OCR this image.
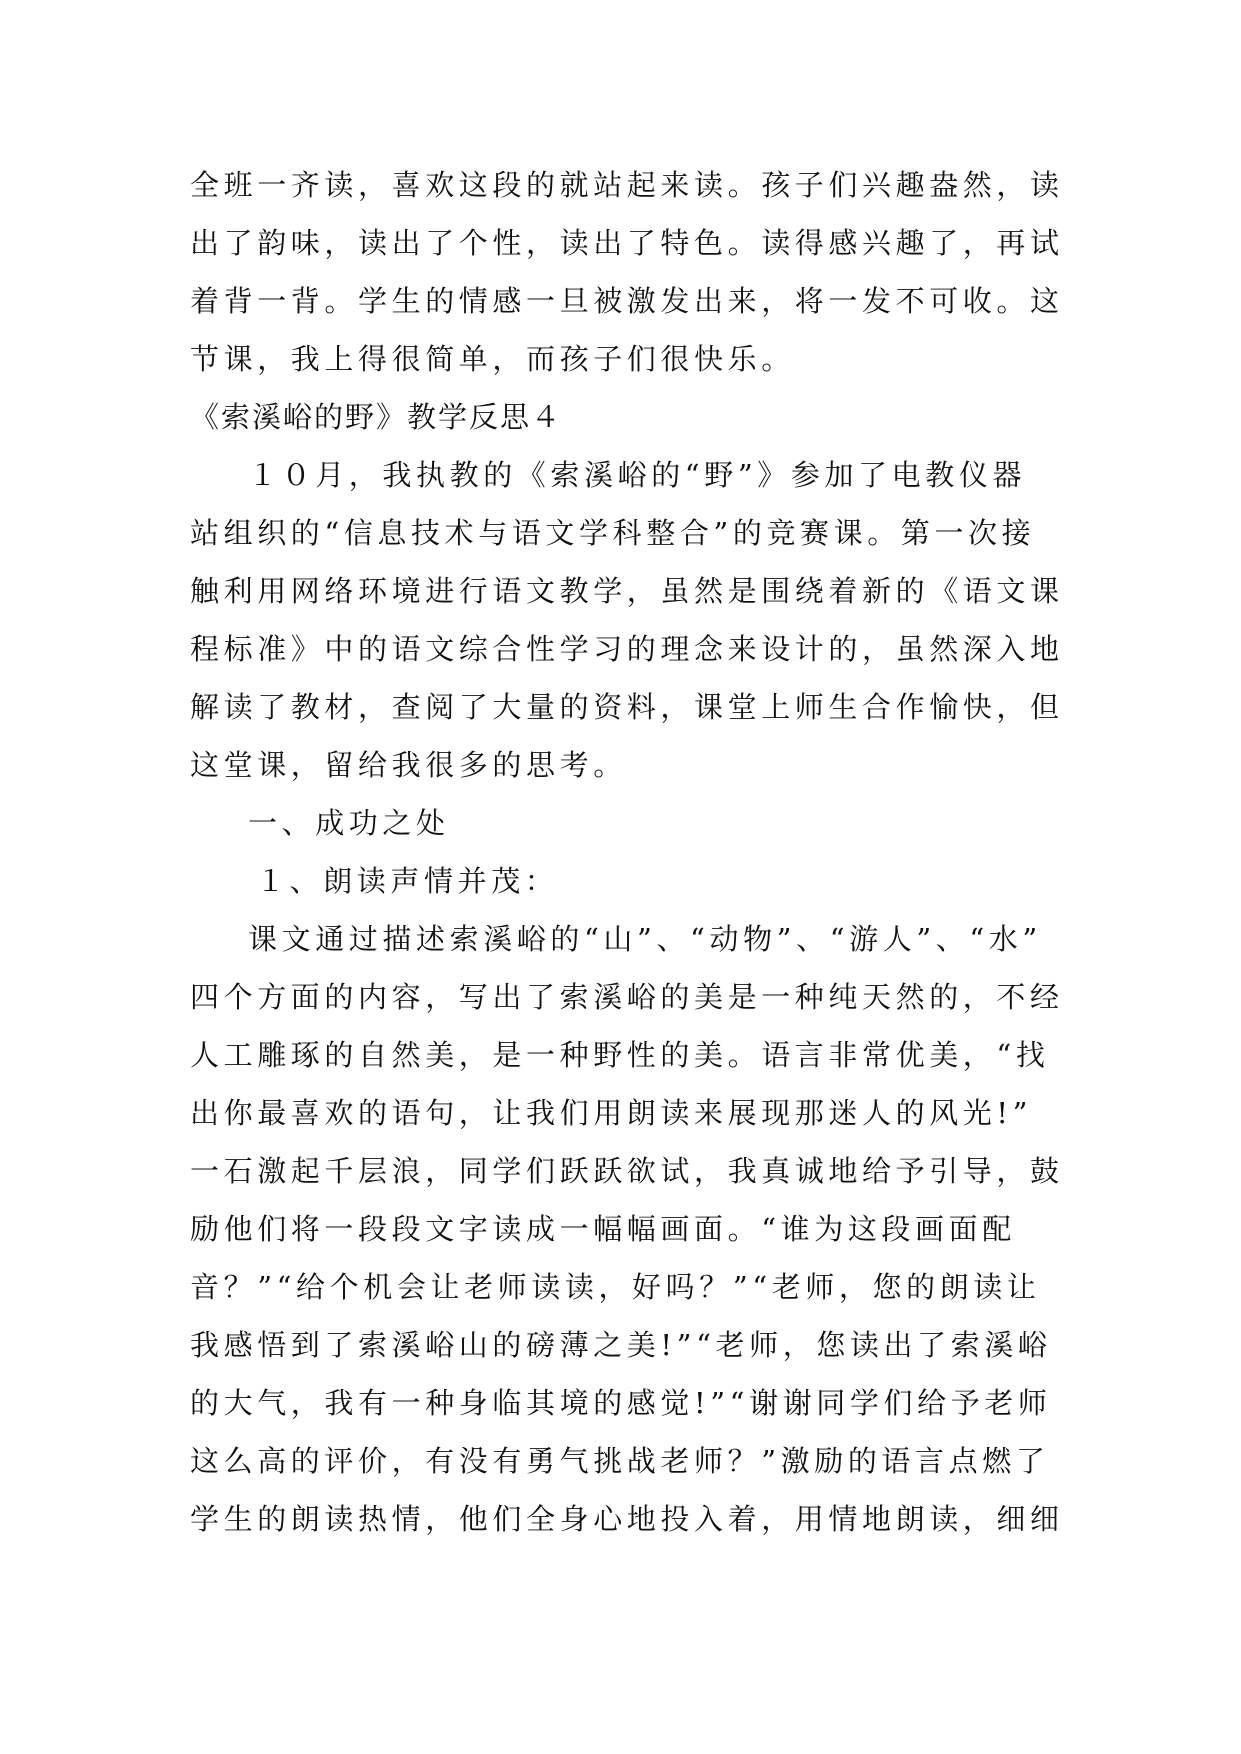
全班一齐读，喜欢这段的就站起来读。孩子们兴趣盎然，读
出了韵味，读出了个性，读出了特色。读得感兴趣了，再试
着背一背。学生的情感一旦被激发出来，将一发不可收。这
节课，我上得很简单，而孩子们很快乐。
《索溪峪的野》教学反思４
１０月，我执教的《索溪峪的“野”》参加了电教仪器
站组织的“信息技术与语文学科整合”的竞赛课。第一次接
触利用网络环境进行语文教学，虽然是围绕着新的《语文课
程标准》中的语文综合性学习的理念来设计的，虽然深入地
解读了教材，查阅了大量的资料，课堂上师生合作愉快，但
这堂课，留给我很多的思考。
一、成功之处
１、朗读声情并茂：
课文通过描述索溪峪的“山”、“动物”、“游人”、“水”
四个方面的内容，写出了索溪峪的美是一种纯天然的，不经
人工雕琢的自然美，是一种野性的美。语言非常优美，“找
出你最喜欢的语句，让我们用朗读来展现那迷人的风光!”
一石激起千层浪，同学们跃跃欲试，我真诚地给予引导，鼓
励他们将一段段文字读成一幅幅画面。“谁为这段画面配
音？”“给个机会让老师读读，好吗？”“老师，您的朗读让
我感悟到了索溪峪山的磅薄之美!”“老师，您读出了索溪峪
的大气，我有一种身临其境的感觉!”“谢谢同学们给予老师
这么高的评价，有没有勇气挑战老师？”激励的语言点燃了
学生的朗读热情，他们全身心地投入着，用情地朗读，细细
